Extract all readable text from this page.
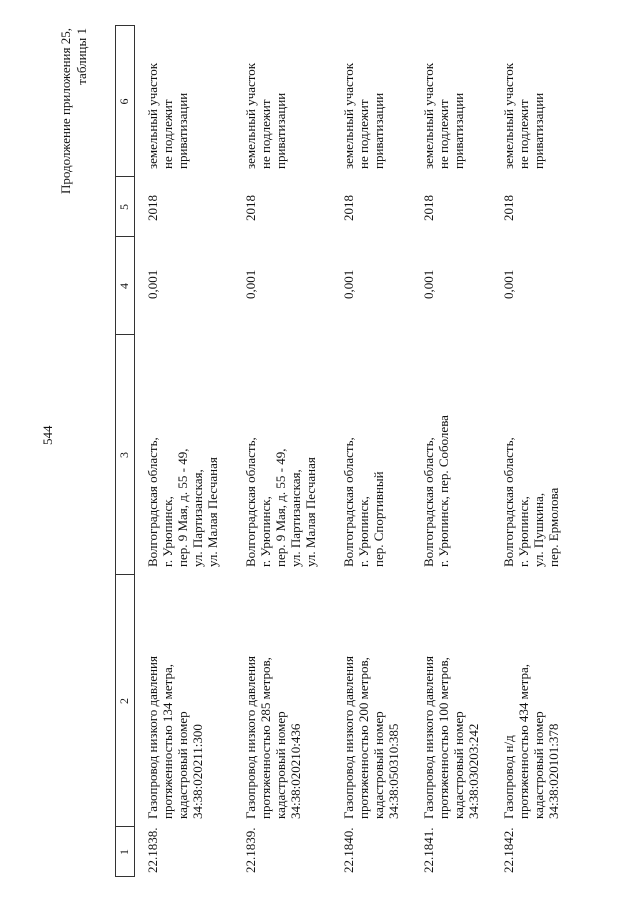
544
Продолжение приложения 25, таблицы 1
1
2
3
4
5
6
22.1838.
Газопровод низкого давления
протяженностью 134 метра,
кадастровый номер
34:38:020211:300
Волгоградская область,
г. Урюпинск,
пер. 9 Мая, д. 55 - 49,
ул. Партизанская,
ул. Малая Песчаная
0,001
2018
земельный участок
не подлежит
приватизации
22.1839.
Газопровод низкого давления
протяженностью 285 метров,
кадастровый номер
34:38:020210:436
Волгоградская область,
г. Урюпинск,
пер. 9 Мая, д. 55 - 49,
ул. Партизанская,
ул. Малая Песчаная
0,001
2018
земельный участок
не подлежит
приватизации
22.1840.
Газопровод низкого давления
протяженностью 200 метров,
кадастровый номер
34:38:050310:385
Волгоградская область,
г. Урюпинск,
пер. Спортивный
0,001
2018
земельный участок
не подлежит
приватизации
22.1841.
Газопровод низкого давления
протяженностью 100 метров,
кадастровый номер
34:38:030203:242
Волгоградская область,
г. Урюпинск, пер. Соболева
0,001
2018
земельный участок
не подлежит
приватизации
22.1842.
Газопровод н/д
протяженностью 434 метра,
кадастровый номер
34:38:020101:378
Волгоградская область,
г. Урюпинск,
ул. Пушкина,
пер. Ермолова
0,001
2018
земельный участок
не подлежит
приватизации
